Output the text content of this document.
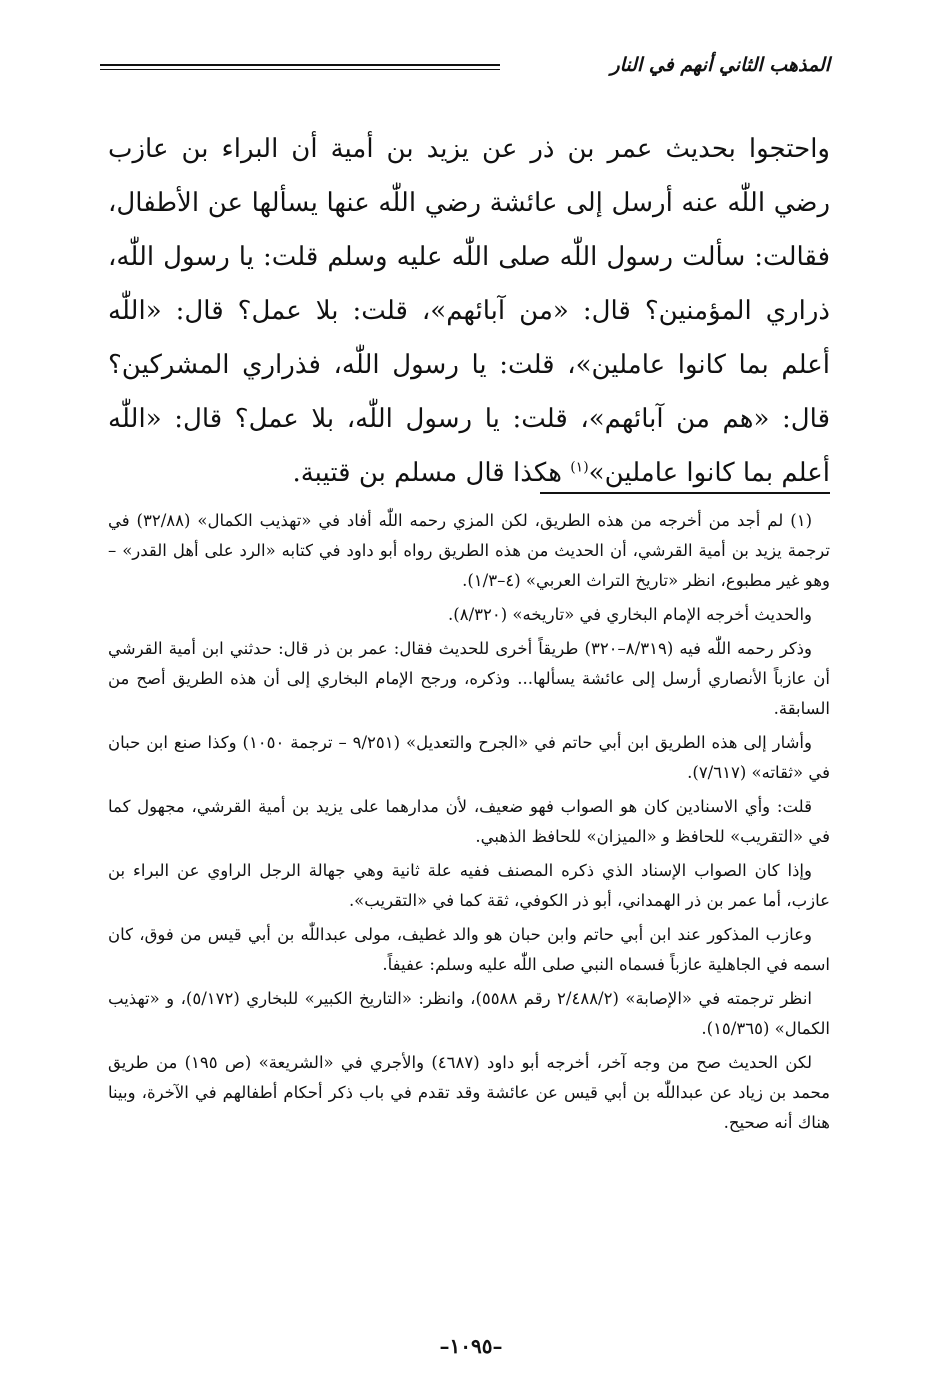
المذهب الثاني أنهم في النار

واحتجوا بحديث عمر بن ذر عن يزيد بن أمية أن البراء بن عازب رضي اللّٰه عنه أرسل إلى عائشة رضي اللّٰه عنها يسألها عن الأطفال، فقالت: سألت رسول اللّٰه صلى اللّٰه عليه وسلم قلت: يا رسول اللّٰه، ذراري المؤمنين؟ قال: «من آبائهم»، قلت: بلا عمل؟ قال: «اللّٰه أعلم بما كانوا عاملين»، قلت: يا رسول اللّٰه، فذراري المشركين؟ قال: «هم من آبائهم»، قلت: يا رسول اللّٰه، بلا عمل؟ قال: «اللّٰه أعلم بما كانوا عاملين»$^{(١)}$ هكذا قال مسلم بن قتيبة.

(١) لم أجد من أخرجه من هذه الطريق، لكن المزي رحمه اللّٰه أفاد في «تهذيب الكمال» (٣٢/٨٨) في ترجمة يزيد بن أمية القرشي، أن الحديث من هذه الطريق رواه أبو داود في كتابه «الرد على أهل القدر» – وهو غير مطبوع، انظر «تاريخ التراث العربي» (٤–١/٣).

والحديث أخرجه الإمام البخاري في «تاريخه» (٨/٣٢٠).

وذكر رحمه اللّٰه فيه (٨/٣١٩–٣٢٠) طريقاً أخرى للحديث فقال: عمر بن ذر قال: حدثني ابن أمية القرشي أن عازباً الأنصاري أرسل إلى عائشة يسألها... وذكره، ورجح الإمام البخاري إلى أن هذه الطريق أصح من السابقة.

وأشار إلى هذه الطريق ابن أبي حاتم في «الجرح والتعديل» (٩/٢٥١ – ترجمة ١٠٥٠) وكذا صنع ابن حبان في «ثقاته» (٧/٦١٧).

قلت: وأي الاسنادين كان هو الصواب فهو ضعيف، لأن مدارهما على يزيد بن أمية القرشي، مجهول كما في «التقريب» للحافظ و «الميزان» للحافظ الذهبي.

وإذا كان الصواب الإسناد الذي ذكره المصنف ففيه علة ثانية وهي جهالة الرجل الراوي عن البراء بن عازب، أما عمر بن ذر الهمداني، أبو ذر الكوفي، ثقة كما في «التقريب».

وعازب المذكور عند ابن أبي حاتم وابن حبان هو والد غطيف، مولى عبداللّٰه بن أبي قيس من فوق، كان اسمه في الجاهلية عازباً فسماه النبي صلى اللّٰه عليه وسلم: عفيفاً.

انظر ترجمته في «الإصابة» (٢/٤٨٨/٢ رقم ٥٥٨٨)، وانظر: «التاريخ الكبير» للبخاري (٥/١٧٢)، و «تهذيب الكمال» (١٥/٣٦٥).

لكن الحديث صح من وجه آخر، أخرجه أبو داود (٤٦٨٧) والأجري في «الشريعة» (ص ١٩٥) من طريق محمد بن زياد عن عبداللّٰه بن أبي قيس عن عائشة وقد تقدم في باب ذكر أحكام أطفالهم في الآخرة، وبينا هناك أنه صحيح.

–١٠٩٥–
